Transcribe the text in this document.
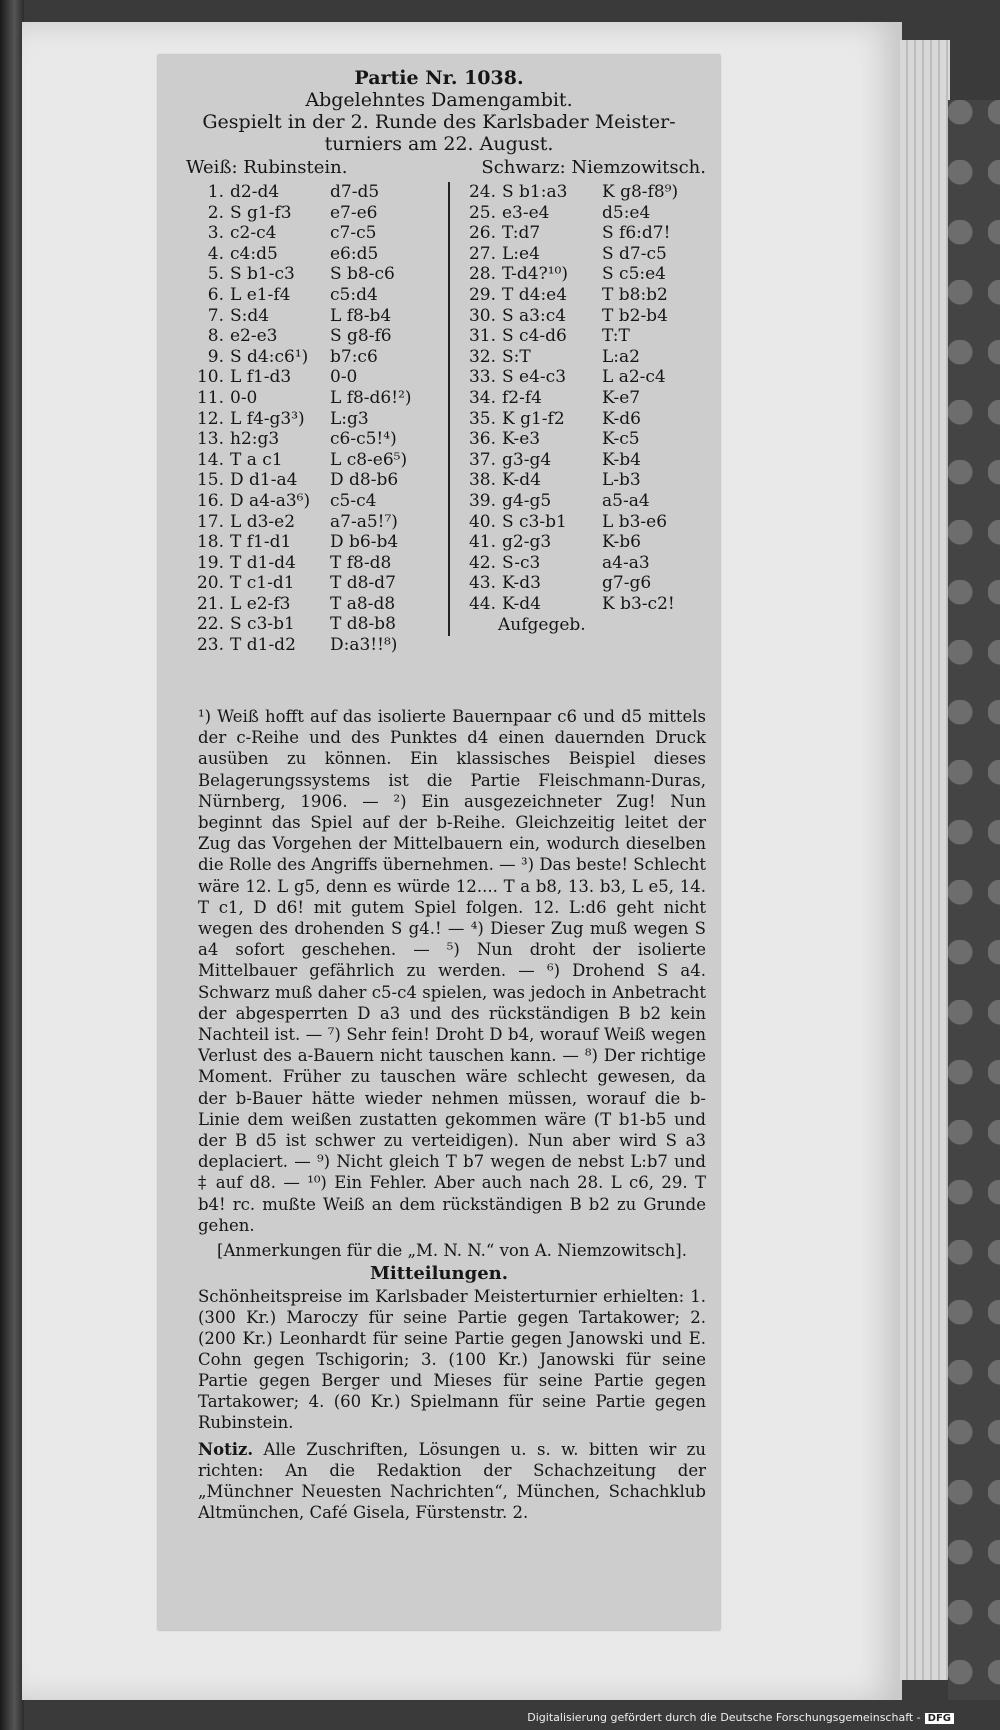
Partie Nr. 1038.
Abgelehntes Damengambit.
Gespielt in der 2. Runde des Karlsbader Meister-
turniers am 22. August.
Weiß: Rubinstein.	Schwarz: Niemzowitsch.
1. d2-d4	d7-d5
2. S g1-f3	e7-e6
3. c2-c4	c7-c5
4. c4:d5	e6:d5
5. S b1-c3	S b8-c6
6. L e1-f4	c5:d4
7. S:d4	L f8-b4
8. e2-e3	S g8-f6
9. S d4:c6¹)	b7:c6
10. L f1-d3	0-0
11. 0-0	L f8-d6!²)
12. L f4-g3³)	L:g3
13. h2:g3	c6-c5!⁴)
14. T a c1	L c8-e6⁵)
15. D d1-a4	D d8-b6
16. D a4-a3⁶)	c5-c4
17. L d3-e2	a7-a5!⁷)
18. T f1-d1	D b6-b4
19. T d1-d4	T f8-d8
20. T c1-d1	T d8-d7
21. L e2-f3	T a8-d8
22. S c3-b1	T d8-b8
23. T d1-d2	D:a3!!⁸)
24. S b1:a3	K g8-f8⁹)
25. e3-e4	d5:e4
26. T:d7	S f6:d7!
27. L:e4	S d7-c5
28. T-d4?¹⁰)	S c5:e4
29. T d4:e4	T b8:b2
30. S a3:c4	T b2-b4
31. S c4-d6	T:T
32. S:T	L:a2
33. S e4-c3	L a2-c4
34. f2-f4	K-e7
35. K g1-f2	K-d6
36. K-e3	K-c5
37. g3-g4	K-b4
38. K-d4	L-b3
39. g4-g5	a5-a4
40. S c3-b1	L b3-e6
41. g2-g3	K-b6
42. S-c3	a4-a3
43. K-d3	g7-g6
44. K-d4	K b3-c2!
Aufgegeb.

¹) Weiß hofft auf das isolierte Bauernpaar c6 und d5 mittels der c-Reihe und des Punktes d4 einen dauernden Druck ausüben zu können. Ein klassisches Beispiel dieses Belagerungssystems ist die Partie Fleischmann-Duras, Nürnberg, 1906. — ²) Ein ausgezeichneter Zug! Nun beginnt das Spiel auf der b-Reihe. Gleichzeitig leitet der Zug das Vorgehen der Mittelbauern ein, wodurch dieselben die Rolle des Angriffs übernehmen. — ³) Das beste! Schlecht wäre 12. L g5, denn es würde 12.... T a b8, 13. b3, L e5, 14. T c1, D d6! mit gutem Spiel folgen. 12. L:d6 geht nicht wegen des drohenden S g4.! — ⁴) Dieser Zug muß wegen S a4 sofort geschehen. — ⁵) Nun droht der isolierte Mittelbauer gefährlich zu werden. — ⁶) Drohend S a4. Schwarz muß daher c5-c4 spielen, was jedoch in Anbetracht der abgesperrten D a3 und des rückständigen B b2 kein Nachteil ist. — ⁷) Sehr fein! Droht D b4, worauf Weiß wegen Verlust des a-Bauern nicht tauschen kann. — ⁸) Der richtige Moment. Früher zu tauschen wäre schlecht gewesen, da der b-Bauer hätte wieder nehmen müssen, worauf die b-Linie dem weißen zustatten gekommen wäre (T b1-b5 und der B d5 ist schwer zu verteidigen). Nun aber wird S a3 deplaciert. — ⁹) Nicht gleich T b7 wegen de nebst L:b7 und ‡ auf d8. — ¹⁰) Ein Fehler. Aber auch nach 28. L c6, 29. T b4! rc. mußte Weiß an dem rückständigen B b2 zu Grunde gehen.

[Anmerkungen für die „M. N. N.“ von A. Niemzowitsch].
Mitteilungen.
Schönheitspreise im Karlsbader Meisterturnier erhielten: 1. (300 Kr.) Maroczy für seine Partie gegen Tartakower; 2. (200 Kr.) Leonhardt für seine Partie gegen Janowski und E. Cohn gegen Tschigorin; 3. (100 Kr.) Janowski für seine Partie gegen Berger und Mieses für seine Partie gegen Tartakower; 4. (60 Kr.) Spielmann für seine Partie gegen Rubinstein.
Notiz. Alle Zuschriften, Lösungen u. s. w. bitten wir zu richten: An die Redaktion der Schachzeitung der „Münchner Neuesten Nachrichten“, München, Schachklub Altmünchen, Café Gisela, Fürstenstr. 2.
Digitalisierung gefördert durch die Deutsche Forschungsgemeinschaft - DFG
